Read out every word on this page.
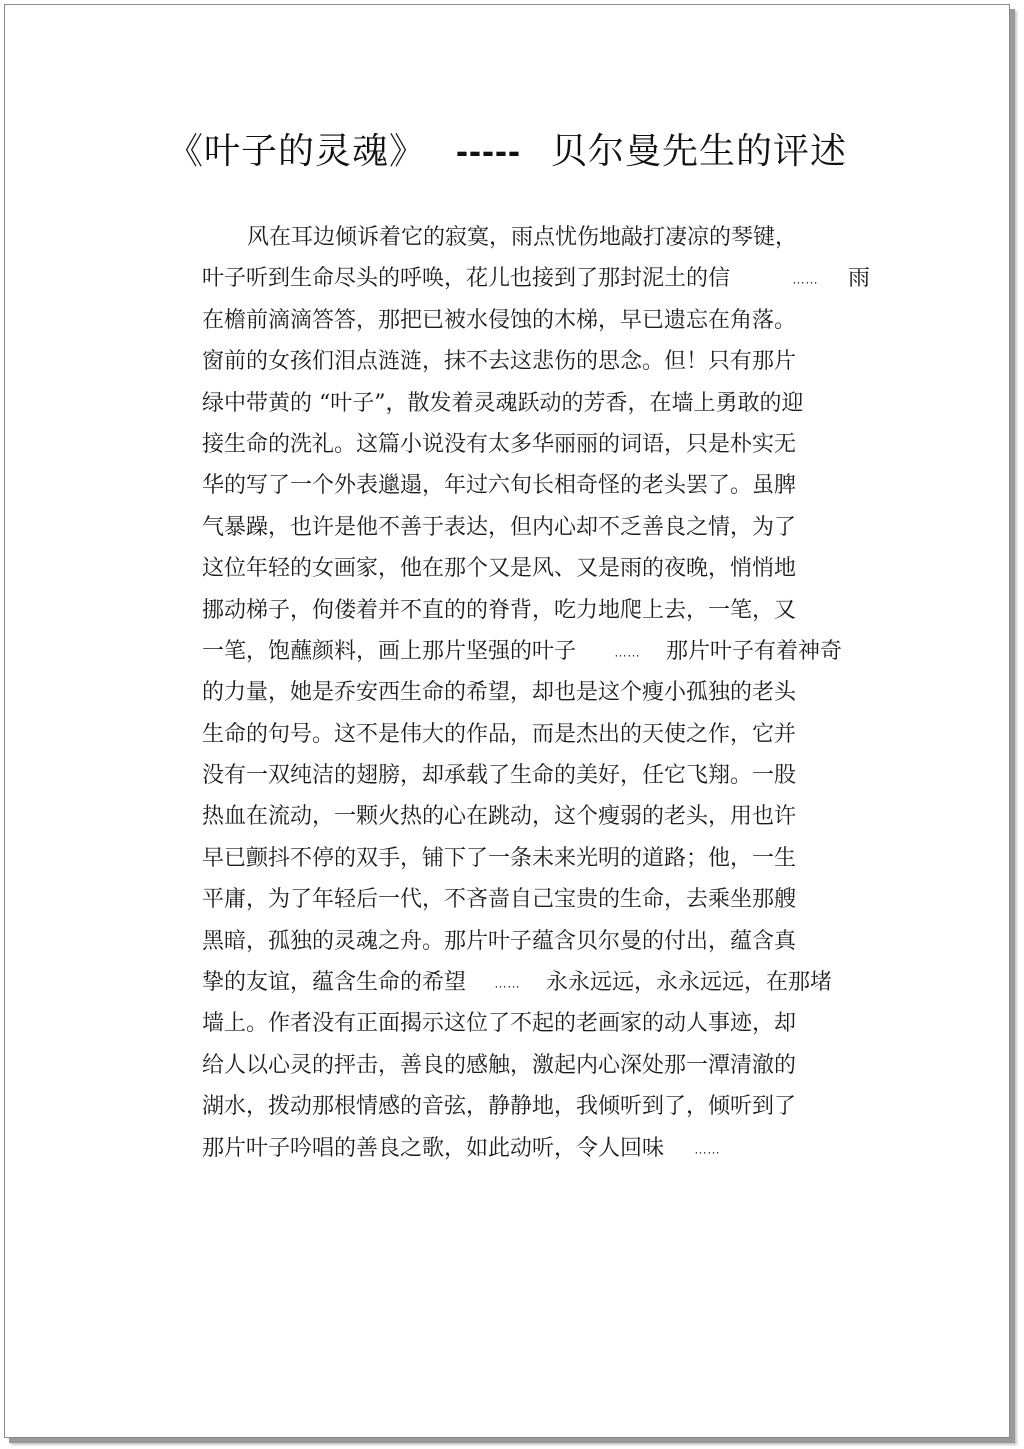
《叶子的灵魂》 ----- 贝尔曼先生的评述
风在耳边倾诉着它的寂寞，雨点忧伤地敲打凄凉的琴键，
叶子听到生命尽头的呼唤，花儿也接到了那封泥土的信	…… 雨
在檐前滴滴答答，那把已被水侵蚀的木梯，早已遗忘在角落。
窗前的女孩们泪点涟涟，抹不去这悲伤的思念。但！只有那片
绿中带黄的 “叶子”，散发着灵魂跃动的芳香，在墙上勇敢的迎
接生命的洗礼。这篇小说没有太多华丽丽的词语，只是朴实无
华的写了一个外表邋遢，年过六旬长相奇怪的老头罢了。虽脾
气暴躁，也许是他不善于表达，但内心却不乏善良之情，为了
这位年轻的女画家，他在那个又是风、又是雨的夜晚，悄悄地
挪动梯子，佝偻着并不直的的脊背，吃力地爬上去，一笔，又
一笔，饱蘸颜料，画上那片坚强的叶子	…… 那片叶子有着神奇
的力量，她是乔安西生命的希望，却也是这个瘦小孤独的老头
生命的句号。这不是伟大的作品，而是杰出的天使之作，它并
没有一双纯洁的翅膀，却承载了生命的美好，任它飞翔。一股
热血在流动，一颗火热的心在跳动，这个瘦弱的老头，用也许
早已颤抖不停的双手，铺下了一条未来光明的道路；他，一生
平庸，为了年轻后一代，不吝啬自己宝贵的生命，去乘坐那艘
黑暗，孤独的灵魂之舟。那片叶子蕴含贝尔曼的付出，蕴含真
挚的友谊，蕴含生命的希望 …… 永永远远，永永远远，在那堵
墙上。作者没有正面揭示这位了不起的老画家的动人事迹，却
给人以心灵的抨击，善良的感触，激起内心深处那一潭清澈的
湖水，拨动那根情感的音弦，静静地，我倾听到了，倾听到了
那片叶子吟唱的善良之歌，如此动听，令人回味 ……
